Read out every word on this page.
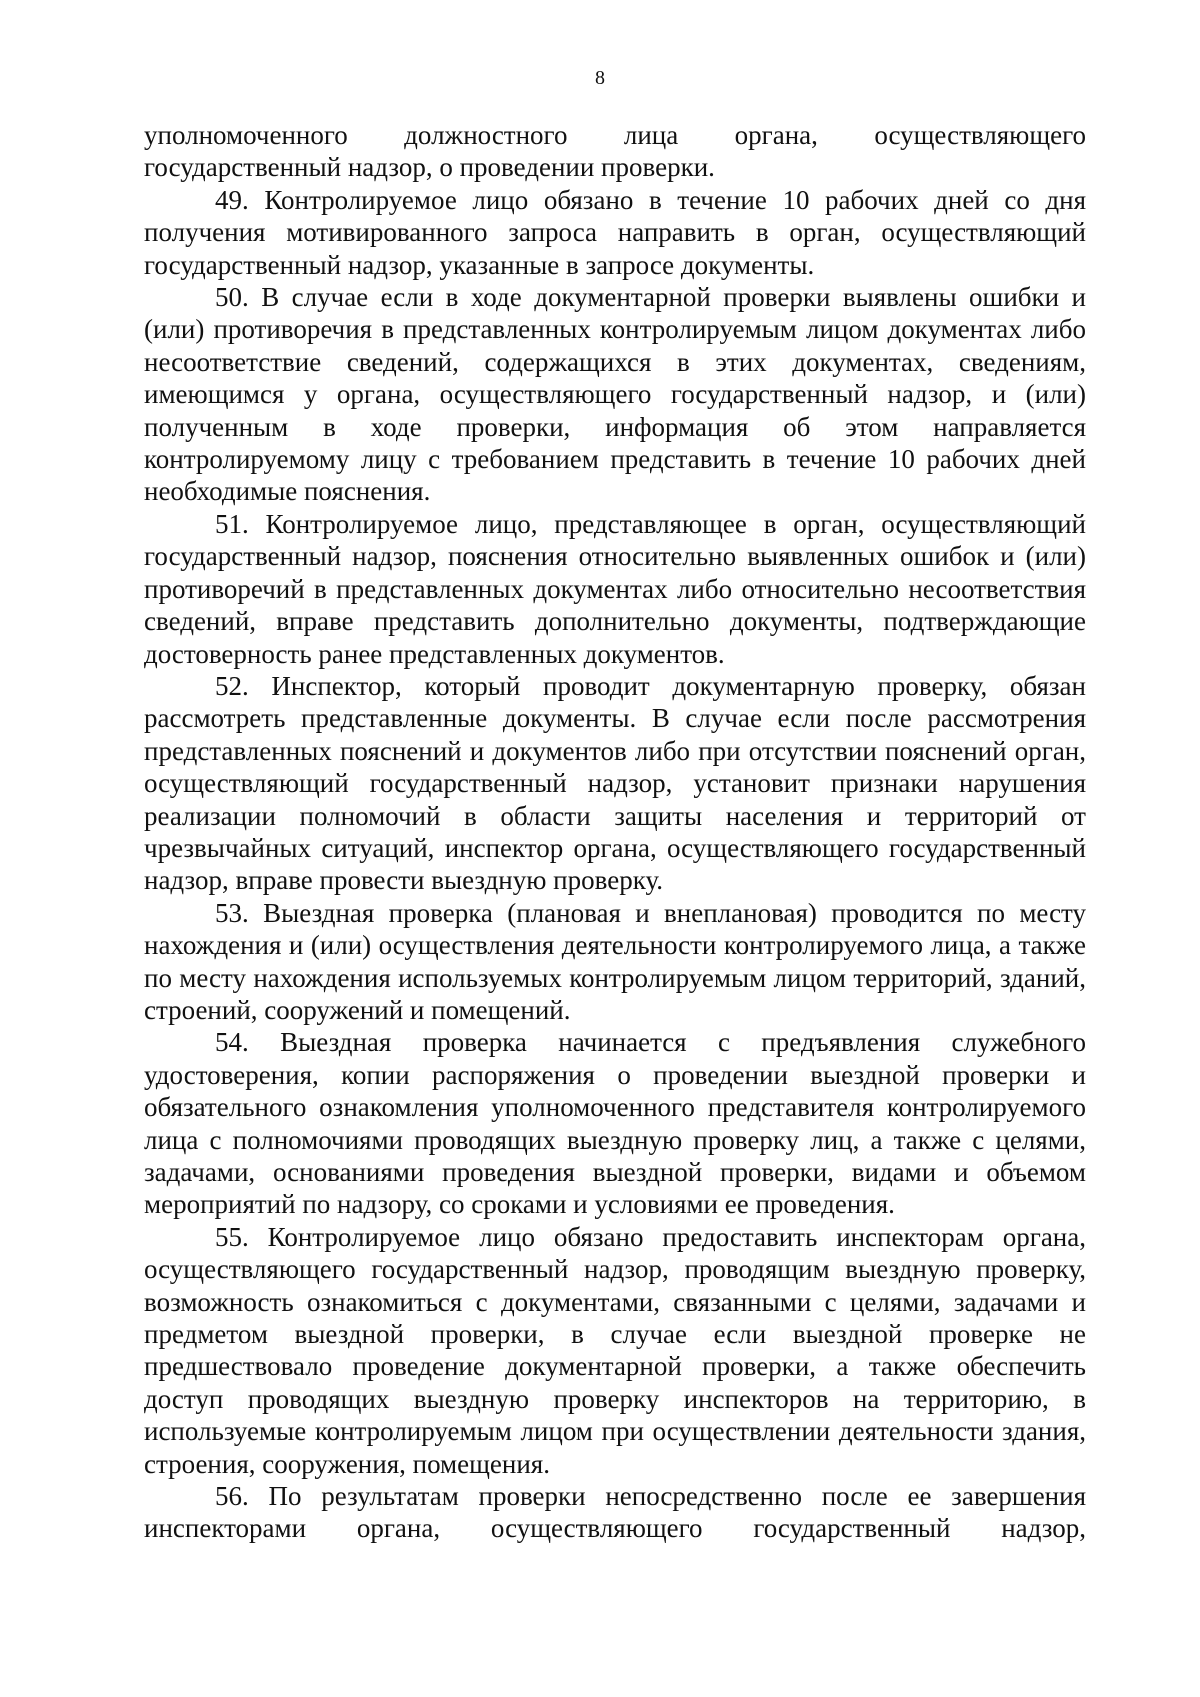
8

уполномоченного должностного лица органа, осуществляющего государственный надзор, о проведении проверки.

49. Контролируемое лицо обязано в течение 10 рабочих дней со дня получения мотивированного запроса направить в орган, осуществляющий государственный надзор, указанные в запросе документы.

50. В случае если в ходе документарной проверки выявлены ошибки и (или) противоречия в представленных контролируемым лицом документах либо несоответствие сведений, содержащихся в этих документах, сведениям, имеющимся у органа, осуществляющего государственный надзор, и (или) полученным в ходе проверки, информация об этом направляется контролируемому лицу с требованием представить в течение 10 рабочих дней необходимые пояснения.

51. Контролируемое лицо, представляющее в орган, осуществляющий государственный надзор, пояснения относительно выявленных ошибок и (или) противоречий в представленных документах либо относительно несоответствия сведений, вправе представить дополнительно документы, подтверждающие достоверность ранее представленных документов.

52. Инспектор, который проводит документарную проверку, обязан рассмотреть представленные документы. В случае если после рассмотрения представленных пояснений и документов либо при отсутствии пояснений орган, осуществляющий государственный надзор, установит признаки нарушения реализации полномочий в области защиты населения и территорий от чрезвычайных ситуаций, инспектор органа, осуществляющего государственный надзор, вправе провести выездную проверку.

53. Выездная проверка (плановая и внеплановая) проводится по месту нахождения и (или) осуществления деятельности контролируемого лица, а также по месту нахождения используемых контролируемым лицом территорий, зданий, строений, сооружений и помещений.

54. Выездная проверка начинается с предъявления служебного удостоверения, копии распоряжения о проведении выездной проверки и обязательного ознакомления уполномоченного представителя контролируемого лица с полномочиями проводящих выездную проверку лиц, а также с целями, задачами, основаниями проведения выездной проверки, видами и объемом мероприятий по надзору, со сроками и условиями ее проведения.

55. Контролируемое лицо обязано предоставить инспекторам органа, осуществляющего государственный надзор, проводящим выездную проверку, возможность ознакомиться с документами, связанными с целями, задачами и предметом выездной проверки, в случае если выездной проверке не предшествовало проведение документарной проверки, а также обеспечить доступ проводящих выездную проверку инспекторов на территорию, в используемые контролируемым лицом при осуществлении деятельности здания, строения, сооружения, помещения.

56. По результатам проверки непосредственно после ее завершения инспекторами органа, осуществляющего государственный надзор,
